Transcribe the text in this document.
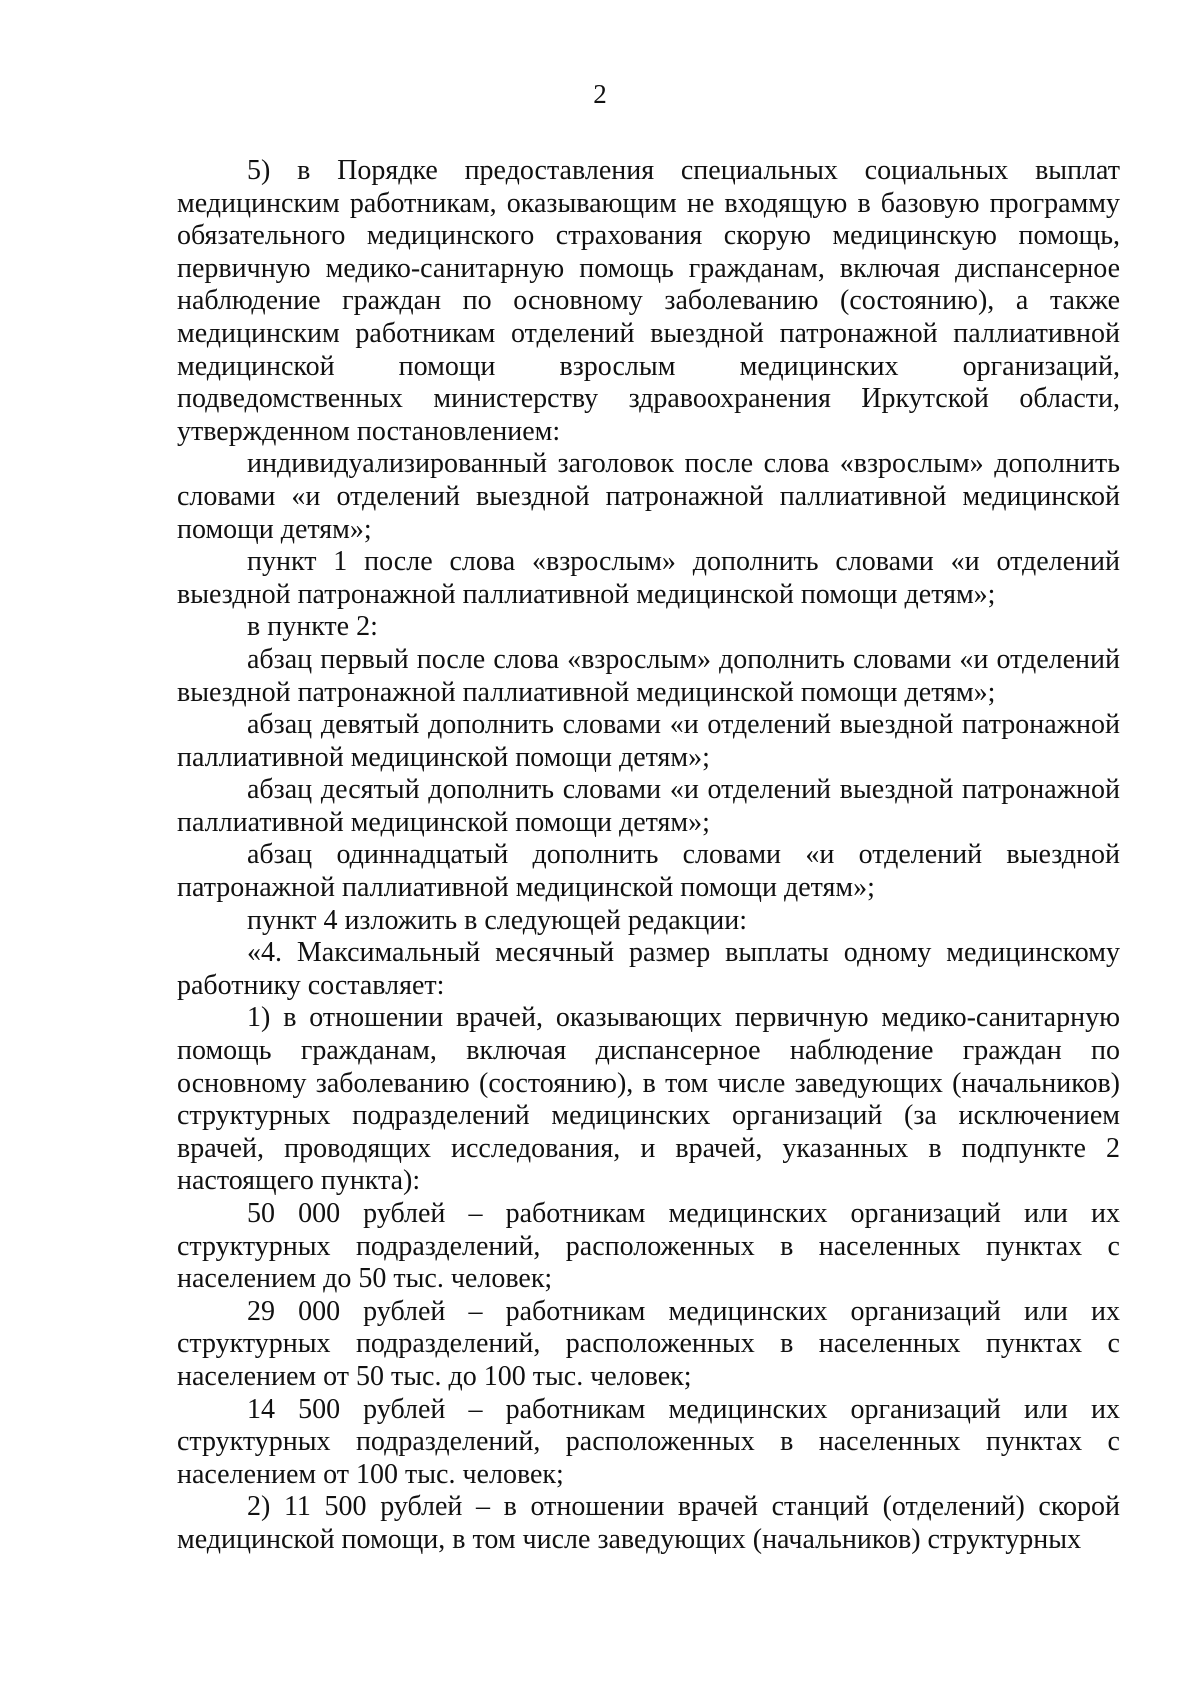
2

5) в Порядке предоставления специальных социальных выплат медицинским работникам, оказывающим не входящую в базовую программу обязательного медицинского страхования скорую медицинскую помощь, первичную медико-санитарную помощь гражданам, включая диспансерное наблюдение граждан по основному заболеванию (состоянию), а также медицинским работникам отделений выездной патронажной паллиативной медицинской помощи взрослым медицинских организаций, подведомственных министерству здравоохранения Иркутской области, утвержденном постановлением:

индивидуализированный заголовок после слова «взрослым» дополнить словами «и отделений выездной патронажной паллиативной медицинской помощи детям»;

пункт 1 после слова «взрослым» дополнить словами «и отделений выездной патронажной паллиативной медицинской помощи детям»;

в пункте 2:

абзац первый после слова «взрослым» дополнить словами «и отделений выездной патронажной паллиативной медицинской помощи детям»;

абзац девятый дополнить словами «и отделений выездной патронажной паллиативной медицинской помощи детям»;

абзац десятый дополнить словами «и отделений выездной патронажной паллиативной медицинской помощи детям»;

абзац одиннадцатый дополнить словами «и отделений выездной патронажной паллиативной медицинской помощи детям»;

пункт 4 изложить в следующей редакции:

«4. Максимальный месячный размер выплаты одному медицинскому работнику составляет:

1) в отношении врачей, оказывающих первичную медико-санитарную помощь гражданам, включая диспансерное наблюдение граждан по основному заболеванию (состоянию), в том числе заведующих (начальников) структурных подразделений медицинских организаций (за исключением врачей, проводящих исследования, и врачей, указанных в подпункте 2 настоящего пункта):

50 000 рублей – работникам медицинских организаций или их структурных подразделений, расположенных в населенных пунктах с населением до 50 тыс. человек;

29 000 рублей – работникам медицинских организаций или их структурных подразделений, расположенных в населенных пунктах с населением от 50 тыс. до 100 тыс. человек;

14 500 рублей – работникам медицинских организаций или их структурных подразделений, расположенных в населенных пунктах с населением от 100 тыс. человек;

2) 11 500 рублей – в отношении врачей станций (отделений) скорой медицинской помощи, в том числе заведующих (начальников) структурных
